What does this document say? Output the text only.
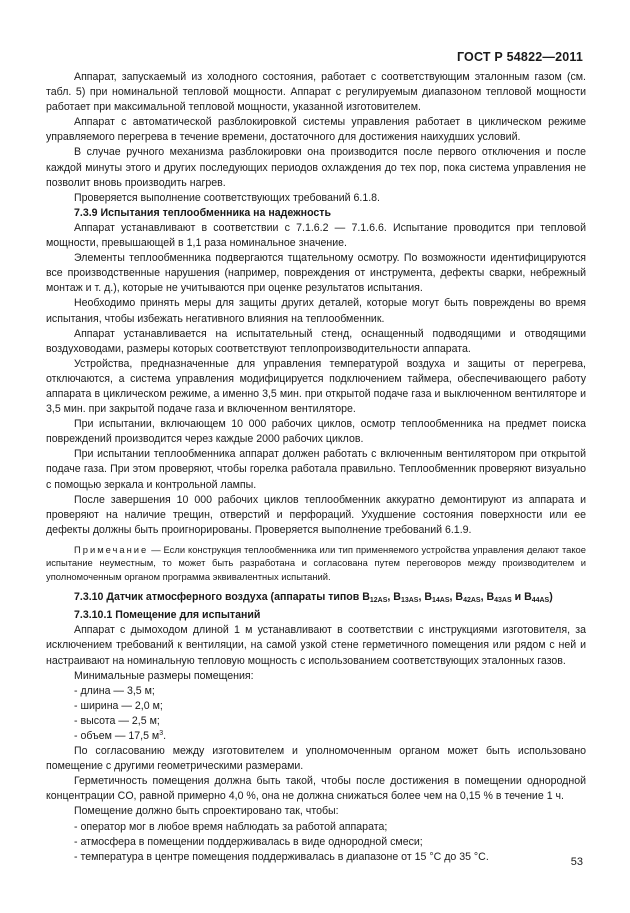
ГОСТ Р 54822—2011

Аппарат, запускаемый из холодного состояния, работает с соответствующим эталонным газом (см. табл. 5) при номинальной тепловой мощности. Аппарат с регулируемым диапазоном тепловой мощности работает при максимальной тепловой мощности, указанной изготовителем.

Аппарат с автоматической разблокировкой системы управления работает в циклическом режиме управляемого перегрева в течение времени, достаточного для достижения наихудших условий.

В случае ручного механизма разблокировки она производится после первого отключения и после каждой минуты этого и других последующих периодов охлаждения до тех пор, пока система управления не позволит вновь производить нагрев.

Проверяется выполнение соответствующих требований 6.1.8.

7.3.9 Испытания теплообменника на надежность

Аппарат устанавливают в соответствии с 7.1.6.2 — 7.1.6.6. Испытание проводится при тепловой мощности, превышающей в 1,1 раза номинальное значение.

Элементы теплообменника подвергаются тщательному осмотру. По возможности идентифицируются все производственные нарушения (например, повреждения от инструмента, дефекты сварки, небрежный монтаж и т. д.), которые не учитываются при оценке результатов испытания.

Необходимо принять меры для защиты других деталей, которые могут быть повреждены во время испытания, чтобы избежать негативного влияния на теплообменник.

Аппарат устанавливается на испытательный стенд, оснащенный подводящими и отводящими воздуховодами, размеры которых соответствуют теплопроизводительности аппарата.

Устройства, предназначенные для управления температурой воздуха и защиты от перегрева, отключаются, а система управления модифицируется подключением таймера, обеспечивающего работу аппарата в циклическом режиме, а именно 3,5 мин. при открытой подаче газа и выключенном вентиляторе и 3,5 мин. при закрытой подаче газа и включенном вентиляторе.

При испытании, включающем 10 000 рабочих циклов, осмотр теплообменника на предмет поиска повреждений производится через каждые 2000 рабочих циклов.

При испытании теплообменника аппарат должен работать с включенным вентилятором при открытой подаче газа. При этом проверяют, чтобы горелка работала правильно. Теплообменник проверяют визуально с помощью зеркала и контрольной лампы.

После завершения 10 000 рабочих циклов теплообменник аккуратно демонтируют из аппарата и проверяют на наличие трещин, отверстий и перфораций. Ухудшение состояния поверхности или ее дефекты должны быть проигнорированы. Проверяется выполнение требований 6.1.9.

Примечание — Если конструкция теплообменника или тип применяемого устройства управления делают такое испытание неуместным, то может быть разработана и согласована путем переговоров между производителем и уполномоченным органом программа эквивалентных испытаний.

7.3.10 Датчик атмосферного воздуха (аппараты типов $B_{12AS}$, $B_{13AS}$, $B_{14AS}$, $B_{42AS}$, $B_{43AS}$ и $B_{44AS}$)

7.3.10.1 Помещение для испытаний

Аппарат с дымоходом длиной 1 м устанавливают в соответствии с инструкциями изготовителя, за исключением требований к вентиляции, на самой узкой стене герметичного помещения или рядом с ней и настраивают на номинальную тепловую мощность с использованием соответствующих эталонных газов.

Минимальные размеры помещения:

- длина — 3,5 м;

- ширина — 2,0 м;

- высота — 2,5 м;

- объем — 17,5 $м^3$.

По согласованию между изготовителем и уполномоченным органом может быть использовано помещение с другими геометрическими размерами.

Герметичность помещения должна быть такой, чтобы после достижения в помещении однородной концентрации CO, равной примерно 4,0 %, она не должна снижаться более чем на 0,15 % в течение 1 ч.

Помещение должно быть спроектировано так, чтобы:

- оператор мог в любое время наблюдать за работой аппарата;

- атмосфера в помещении поддерживалась в виде однородной смеси;

- температура в центре помещения поддерживалась в диапазоне от 15 °C до 35 °C.	53
